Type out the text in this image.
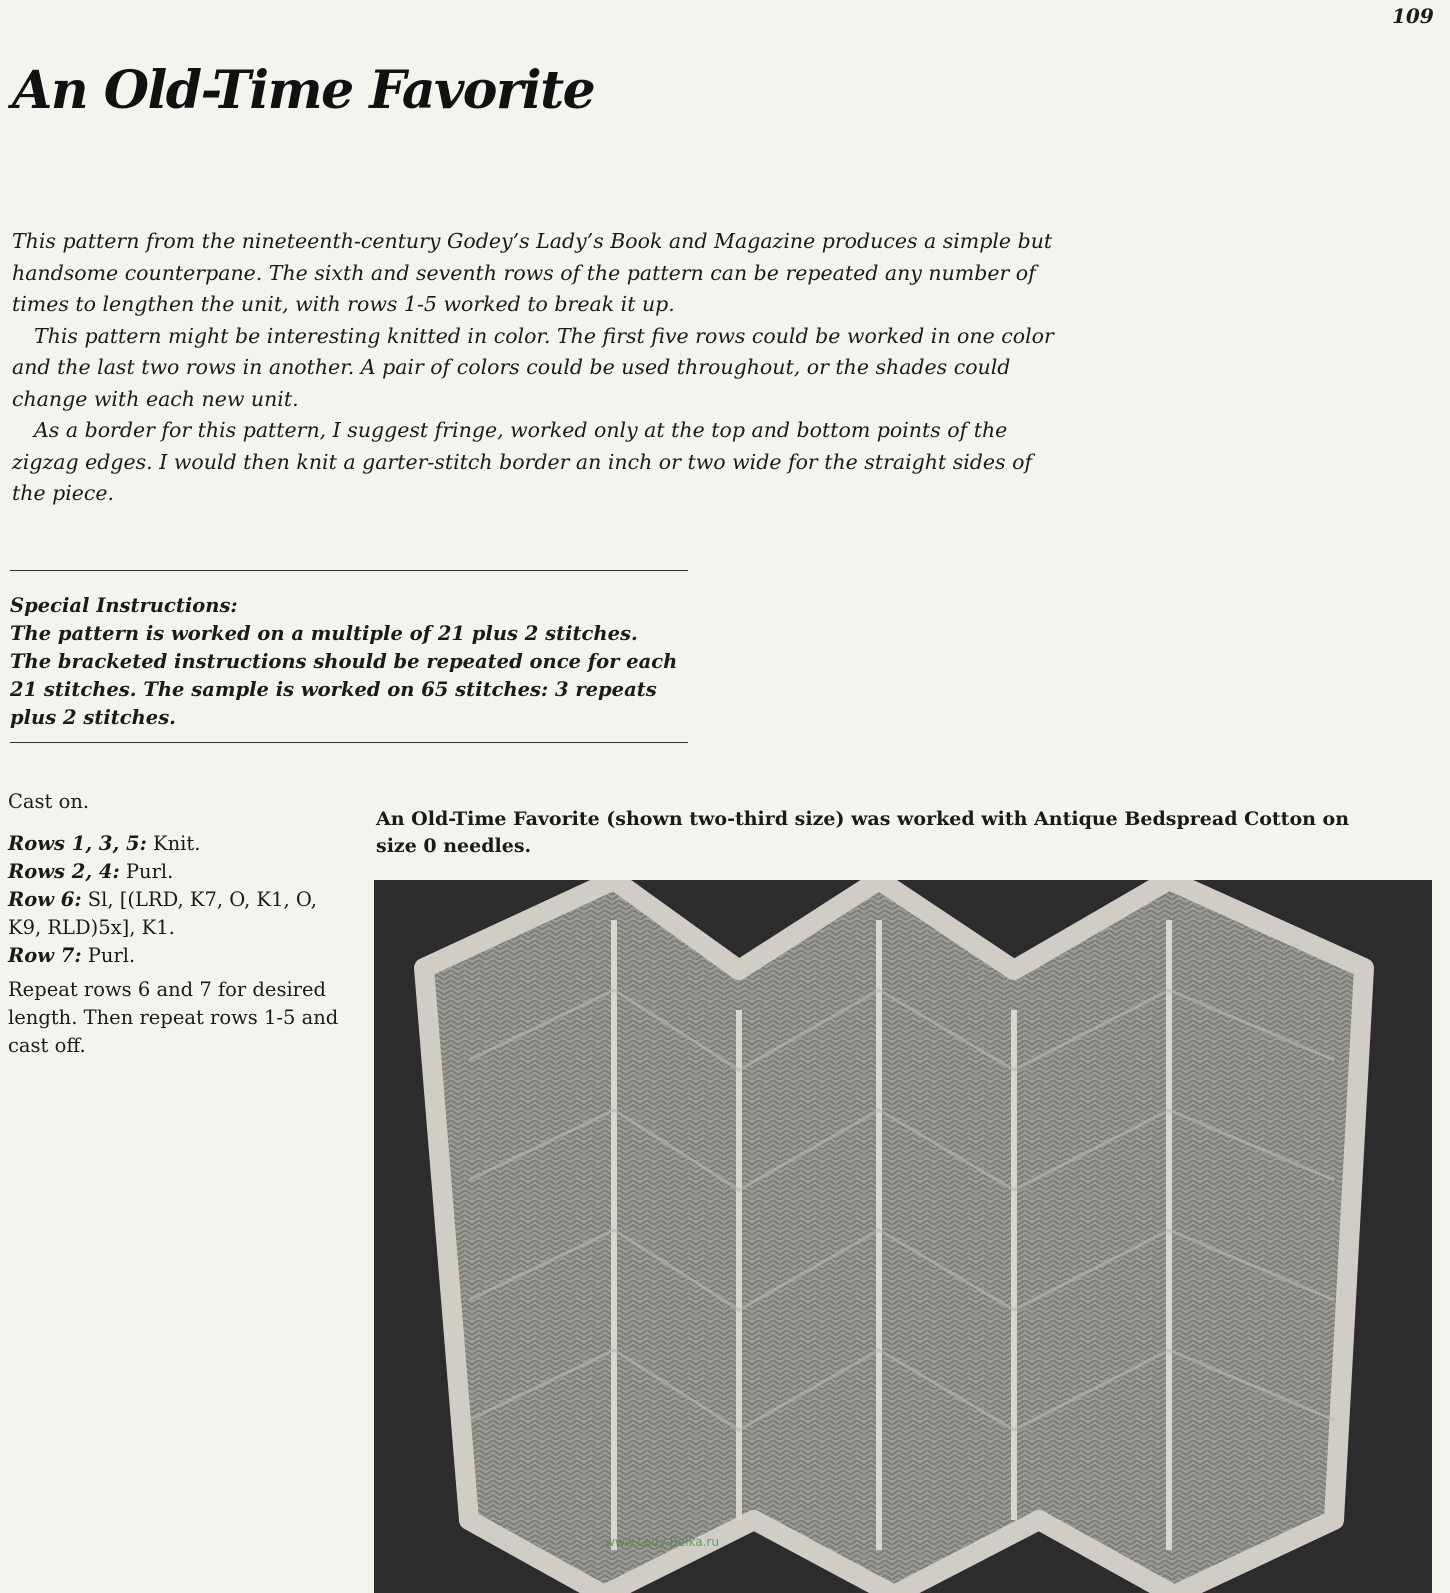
109
An Old-Time Favorite

This pattern from the nineteenth-century Godey’s Lady’s Book and Magazine produces a simple but handsome counterpane. The sixth and seventh rows of the pattern can be repeated any number of times to lengthen the unit, with rows 1-5 worked to break it up.

This pattern might be interesting knitted in color. The first five rows could be worked in one color and the last two rows in another. A pair of colors could be used throughout, or the shades could change with each new unit.

As a border for this pattern, I suggest fringe, worked only at the top and bottom points of the zigzag edges. I would then knit a garter-stitch border an inch or two wide for the straight sides of the piece.

Special Instructions:
The pattern is worked on a multiple of 21 plus 2 stitches. The bracketed instructions should be repeated once for each 21 stitches. The sample is worked on 65 stitches: 3 repeats plus 2 stitches.

Cast on.

Rows 1, 3, 5: Knit.

Rows 2, 4: Purl.

Row 6: Sl, [(LRD, K7, O, K1, O, K9, RLD)5x], K1.

Row 7: Purl.

Repeat rows 6 and 7 for desired length. Then repeat rows 1-5 and cast off.

An Old-Time Favorite (shown two-third size) was worked with Antique Bedspread Cotton on size 0 needles.
www.Lady-Belka.ru
